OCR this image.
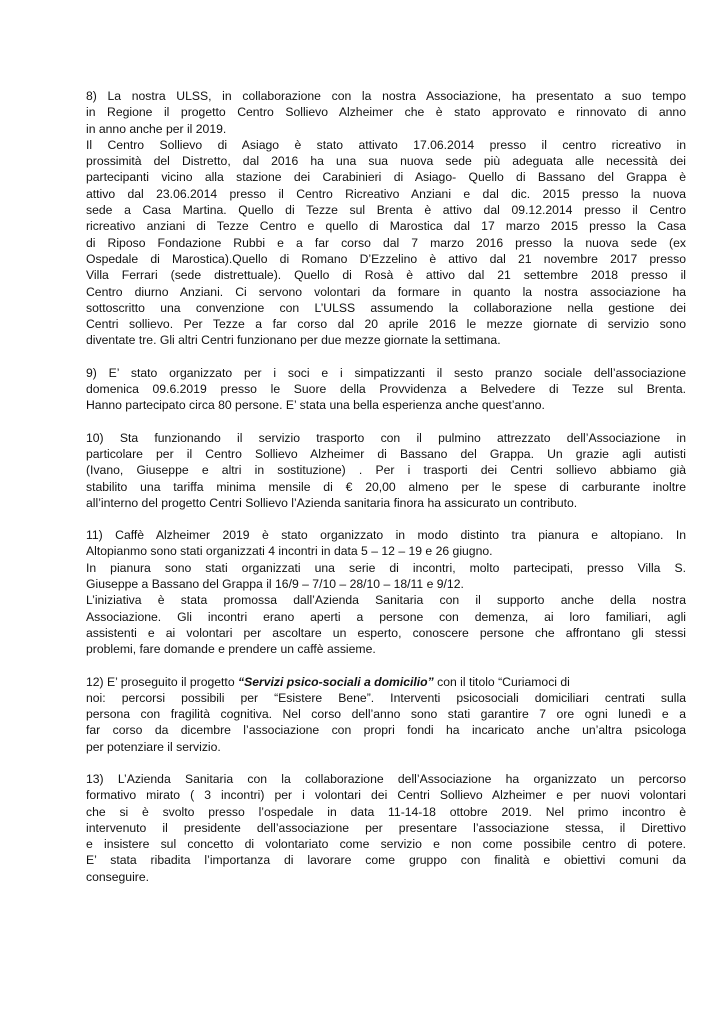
8) La nostra ULSS, in collaborazione con la nostra Associazione, ha presentato a suo tempo
in Regione il progetto Centro Sollievo Alzheimer che è stato approvato e rinnovato di anno
in anno anche per il 2019.
Il Centro Sollievo di Asiago è stato attivato 17.06.2014 presso il centro ricreativo in
prossimità del Distretto, dal 2016 ha una sua nuova sede più adeguata alle necessità dei
partecipanti vicino alla stazione dei Carabinieri di Asiago- Quello di Bassano del Grappa è
attivo dal 23.06.2014 presso il Centro Ricreativo Anziani e dal dic. 2015 presso la nuova
sede a Casa Martina. Quello di Tezze sul Brenta è attivo dal 09.12.2014 presso il Centro
ricreativo anziani di Tezze Centro e quello di Marostica dal 17 marzo 2015 presso la Casa
di Riposo Fondazione Rubbi e a far corso dal 7 marzo 2016 presso la nuova sede (ex
Ospedale di Marostica).Quello di Romano D’Ezzelino è attivo dal 21 novembre 2017 presso
Villa Ferrari (sede distrettuale). Quello di Rosà è attivo dal 21 settembre 2018 presso il
Centro diurno Anziani. Ci servono volontari da formare in quanto la nostra associazione ha
sottoscritto una convenzione con L’ULSS assumendo la collaborazione nella gestione dei
Centri sollievo. Per Tezze a far corso dal 20 aprile 2016 le mezze giornate di servizio sono
diventate tre. Gli altri Centri funzionano per due mezze giornate la settimana.
9) E’ stato organizzato per i soci e i simpatizzanti il sesto pranzo sociale dell’associazione
domenica 09.6.2019 presso le Suore della Provvidenza a Belvedere di Tezze sul Brenta.
Hanno partecipato circa 80 persone. E’ stata una bella esperienza anche quest’anno.
10) Sta funzionando il servizio trasporto con il pulmino attrezzato dell’Associazione in
particolare per il Centro Sollievo Alzheimer di Bassano del Grappa. Un grazie agli autisti
(Ivano, Giuseppe e altri in sostituzione) . Per i trasporti dei Centri sollievo abbiamo già
stabilito una tariffa minima mensile di € 20,00 almeno per le spese di carburante inoltre
all’interno del progetto Centri Sollievo l’Azienda sanitaria finora ha assicurato un contributo.
11) Caffè Alzheimer 2019 è stato organizzato in modo distinto tra pianura e altopiano. In
Altopianmo sono stati organizzati 4 incontri in data 5 – 12 – 19 e 26 giugno.
In pianura sono stati organizzati una serie di incontri, molto partecipati, presso Villa S.
Giuseppe a Bassano del Grappa il 16/9 – 7/10 – 28/10 – 18/11 e 9/12.
L’iniziativa è stata promossa dall’Azienda Sanitaria con il supporto anche della nostra
Associazione. Gli incontri erano aperti a persone con demenza, ai loro familiari, agli
assistenti e ai volontari per ascoltare un esperto, conoscere persone che affrontano gli stessi
problemi, fare domande e prendere un caffè assieme.
12) E’ proseguito il progetto “Servizi psico-sociali a domicilio” con il titolo “Curiamoci di
noi: percorsi possibili per “Esistere Bene”. Interventi psicosociali domiciliari centrati sulla
persona con fragilità cognitiva. Nel corso dell’anno sono stati garantire 7 ore ogni lunedì e a
far corso da dicembre l’associazione con propri fondi ha incaricato anche un’altra psicologa
per potenziare il servizio.
13) L’Azienda Sanitaria con la collaborazione dell’Associazione ha organizzato un percorso
formativo mirato ( 3 incontri) per i volontari dei Centri Sollievo Alzheimer e per nuovi volontari
che si è svolto presso l’ospedale in data 11-14-18 ottobre 2019. Nel primo incontro è
intervenuto il presidente dell’associazione per presentare l’associazione stessa, il Direttivo
e insistere sul concetto di volontariato come servizio e non come possibile centro di potere.
E’ stata ribadita l’importanza di lavorare come gruppo con finalità e obiettivi comuni da
conseguire.
